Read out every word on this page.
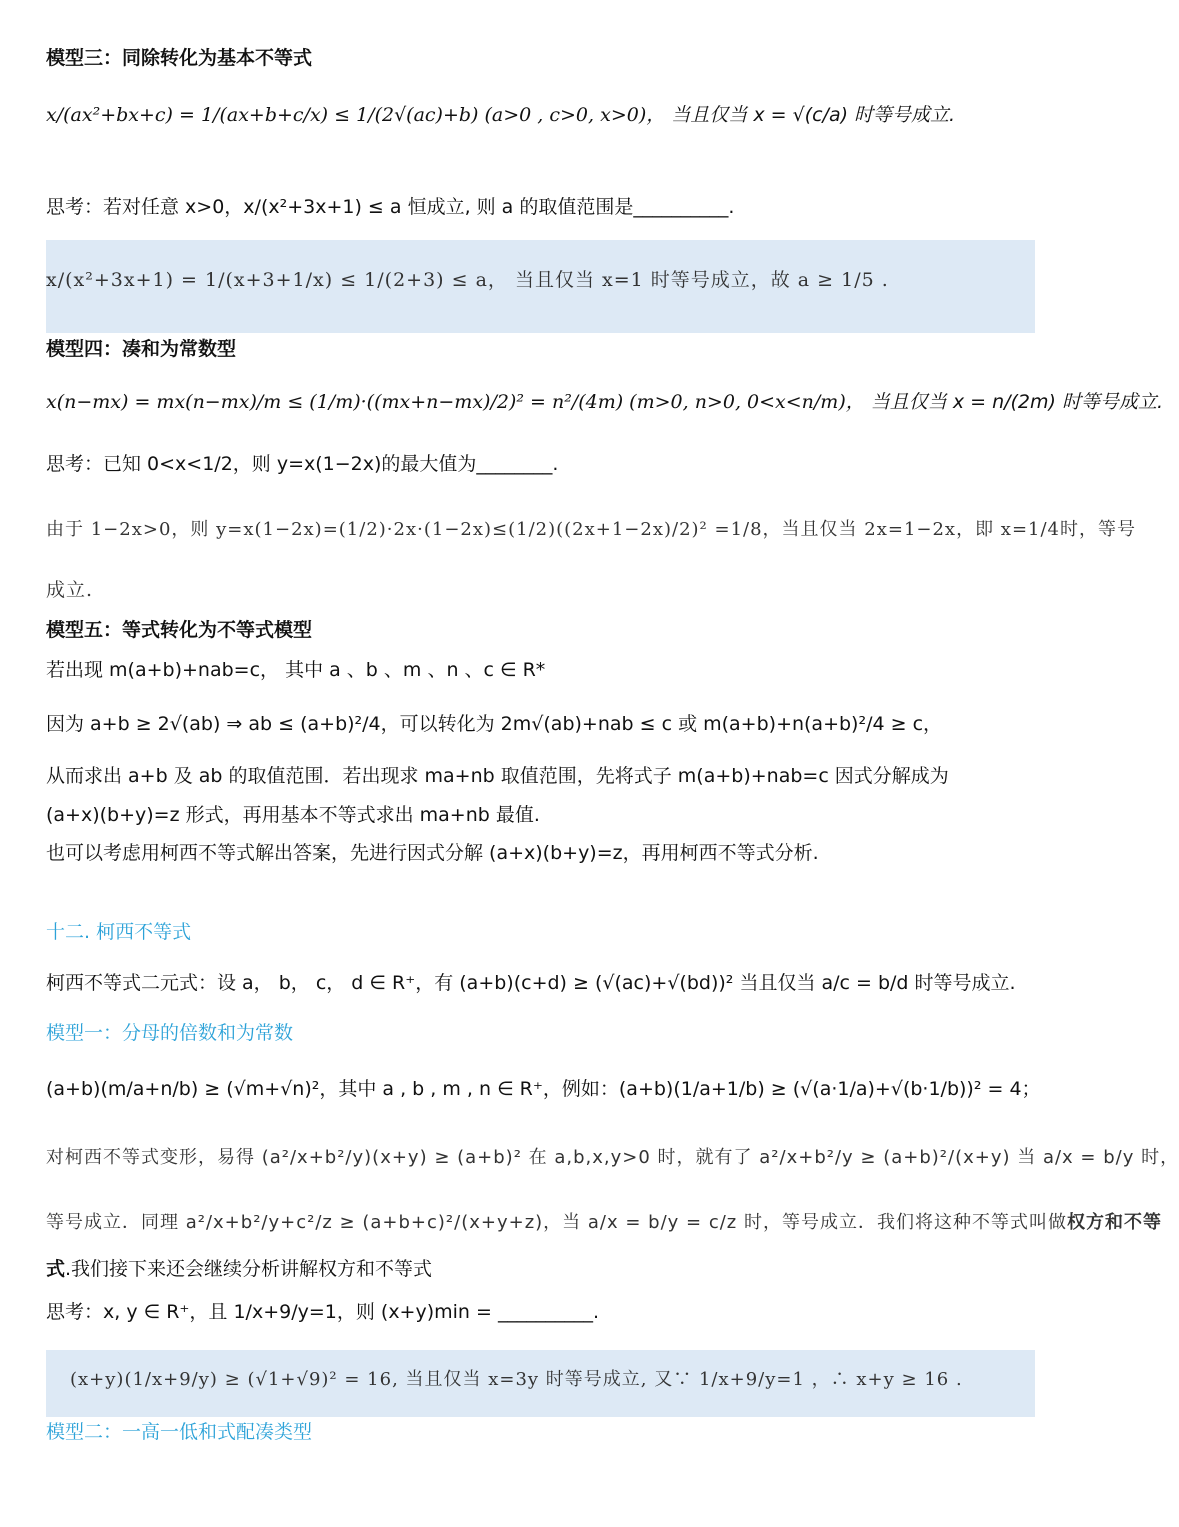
模型三：同除转化为基本不等式
x/(ax²+bx+c) = 1/(ax+b+c/x) ≤ 1/(2√(ac)+b) (a>0 , c>0, x>0)， 当且仅当 x = √(c/a) 时等号成立.
思考：若对任意 x>0，x/(x²+3x+1) ≤ a 恒成立, 则 a 的取值范围是__________.
x/(x²+3x+1) = 1/(x+3+1/x) ≤ 1/(2+3) ≤ a， 当且仅当 x=1 时等号成立，故 a ≥ 1/5 .
模型四：凑和为常数型
x(n−mx) = mx(n−mx)/m ≤ (1/m)·((mx+n−mx)/2)² = n²/(4m) (m>0, n>0, 0<x<n/m)， 当且仅当 x = n/(2m) 时等号成立.
思考：已知 0<x<1/2，则 y=x(1−2x)的最大值为________.
由于 1−2x>0，则 y=x(1−2x)=(1/2)·2x·(1−2x)≤(1/2)((2x+1−2x)/2)² =1/8，当且仅当 2x=1−2x，即 x=1/4时，等号
成立.
模型五：等式转化为不等式模型
若出现 m(a+b)+nab=c， 其中 a 、b 、m 、n 、c ∈ R*
因为 a+b ≥ 2√(ab) ⇒ ab ≤ (a+b)²/4，可以转化为 2m√(ab)+nab ≤ c 或 m(a+b)+n(a+b)²/4 ≥ c，
从而求出 a+b 及 ab 的取值范围．若出现求 ma+nb 取值范围，先将式子 m(a+b)+nab=c 因式分解成为
(a+x)(b+y)=z 形式，再用基本不等式求出 ma+nb 最值.
也可以考虑用柯西不等式解出答案，先进行因式分解 (a+x)(b+y)=z，再用柯西不等式分析.
十二. 柯西不等式
柯西不等式二元式：设 a， b， c， d ∈ R⁺，有 (a+b)(c+d) ≥ (√(ac)+√(bd))² 当且仅当 a/c = b/d 时等号成立.
模型一：分母的倍数和为常数
(a+b)(m/a+n/b) ≥ (√m+√n)²，其中 a , b , m , n ∈ R⁺，例如：(a+b)(1/a+1/b) ≥ (√(a·1/a)+√(b·1/b))² = 4；
对柯西不等式变形，易得 (a²/x+b²/y)(x+y) ≥ (a+b)² 在 a,b,x,y>0 时，就有了 a²/x+b²/y ≥ (a+b)²/(x+y) 当 a/x = b/y 时，
等号成立．同理 a²/x+b²/y+c²/z ≥ (a+b+c)²/(x+y+z)，当 a/x = b/y = c/z 时，等号成立．我们将这种不等式叫做权方和不等
式.我们接下来还会继续分析讲解权方和不等式
思考：x, y ∈ R⁺，且 1/x+9/y=1，则 (x+y)min = __________.
(x+y)(1/x+9/y) ≥ (√1+√9)² = 16, 当且仅当 x=3y 时等号成立, 又∵ 1/x+9/y=1 ，∴ x+y ≥ 16 .
模型二：一高一低和式配凑类型
